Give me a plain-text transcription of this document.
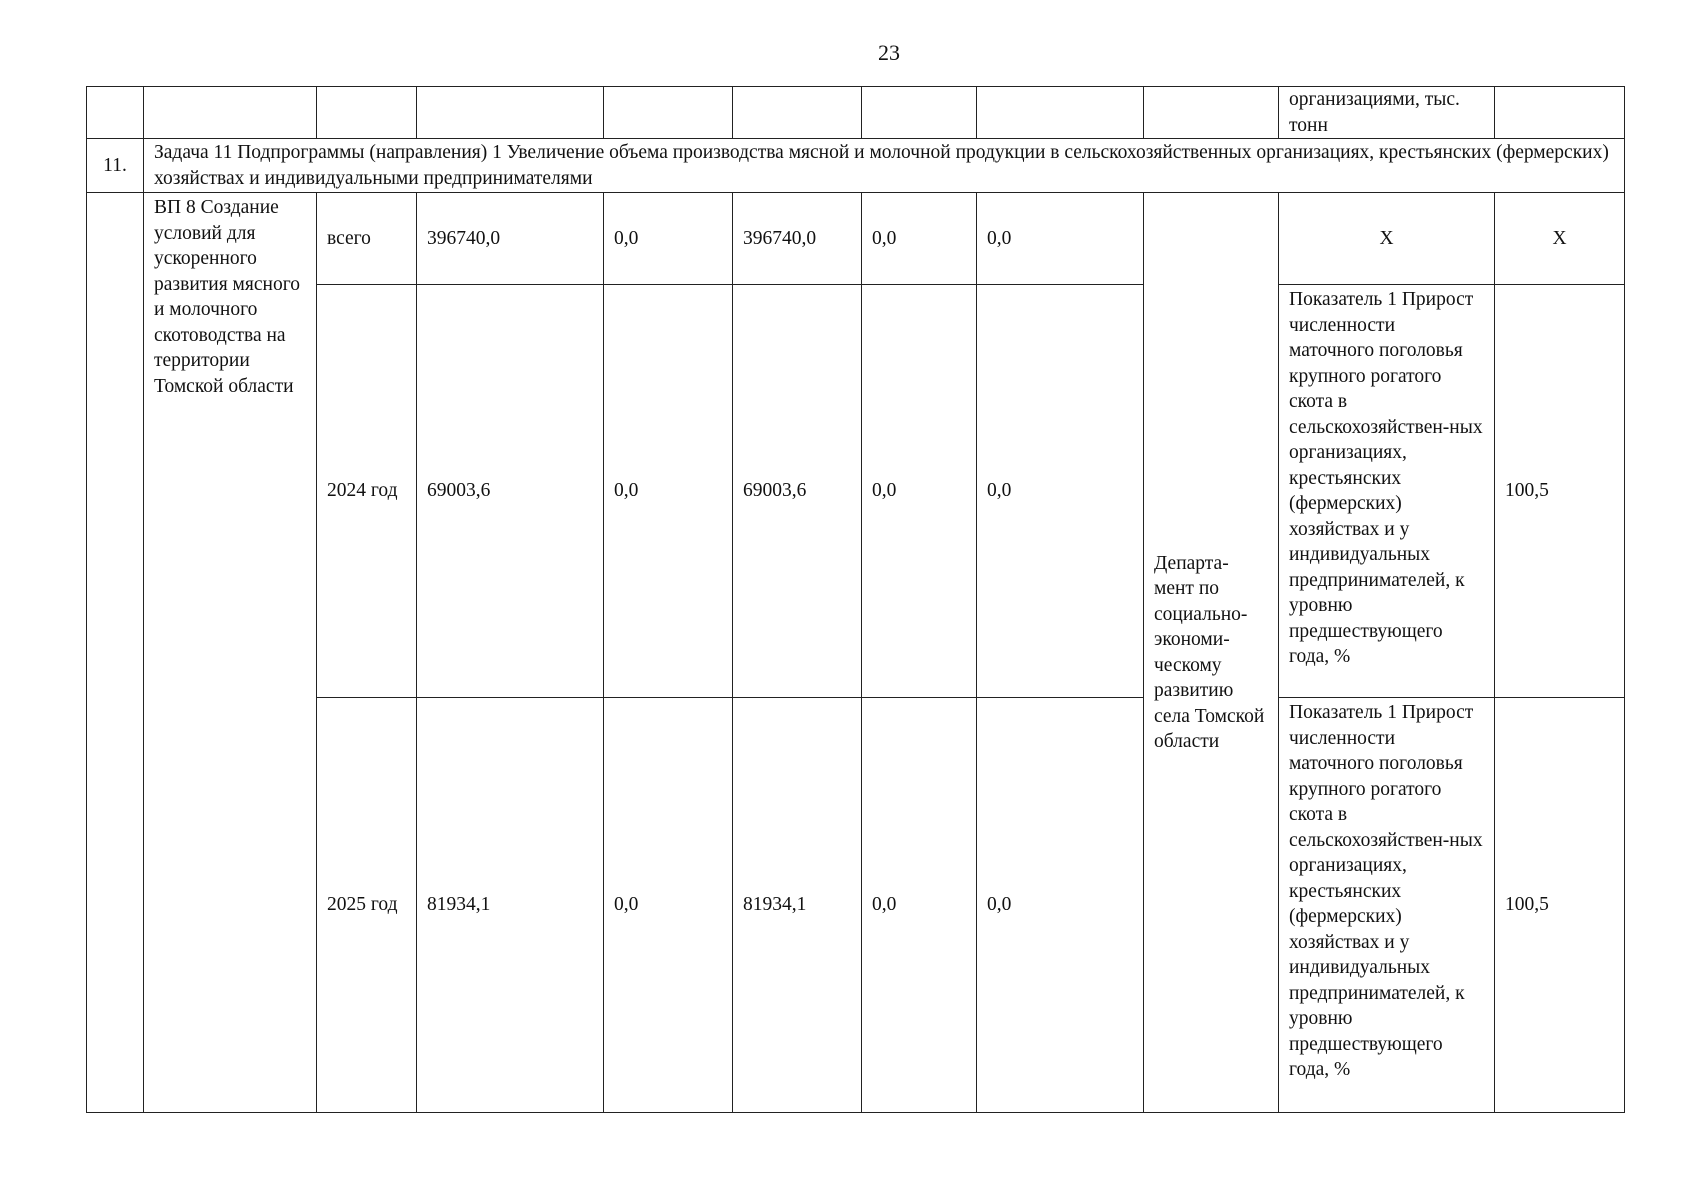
23
									организациями, тыс. тонн	
11.	Задача 11 Подпрограммы (направления) 1 Увеличение объема производства мясной и молочной продукции в сельскохозяйственных организациях, крестьянских (фермерских) хозяйствах и индивидуальными предпринимателями									
	ВП 8 Создание условий для ускоренного развития мясного и молочного скотоводства на территории Томской области	всего	396740,0	0,0	396740,0	0,0	0,0	Департа-мент по социально-экономи-ческому развитию села Томской области	X	X
		2024 год	69003,6	0,0	69003,6	0,0	0,0		Показатель 1 Прирост численности маточного поголовья крупного рогатого скота в сельскохозяйствен-ных организациях, крестьянских (фермерских) хозяйствах и у индивидуальных предпринимателей, к уровню предшествующего года, %	100,5
		2025 год	81934,1	0,0	81934,1	0,0	0,0		Показатель 1 Прирост численности маточного поголовья крупного рогатого скота в сельскохозяйствен-ных организациях, крестьянских (фермерских) хозяйствах и у индивидуальных предпринимателей, к уровню предшествующего года, %	100,5
